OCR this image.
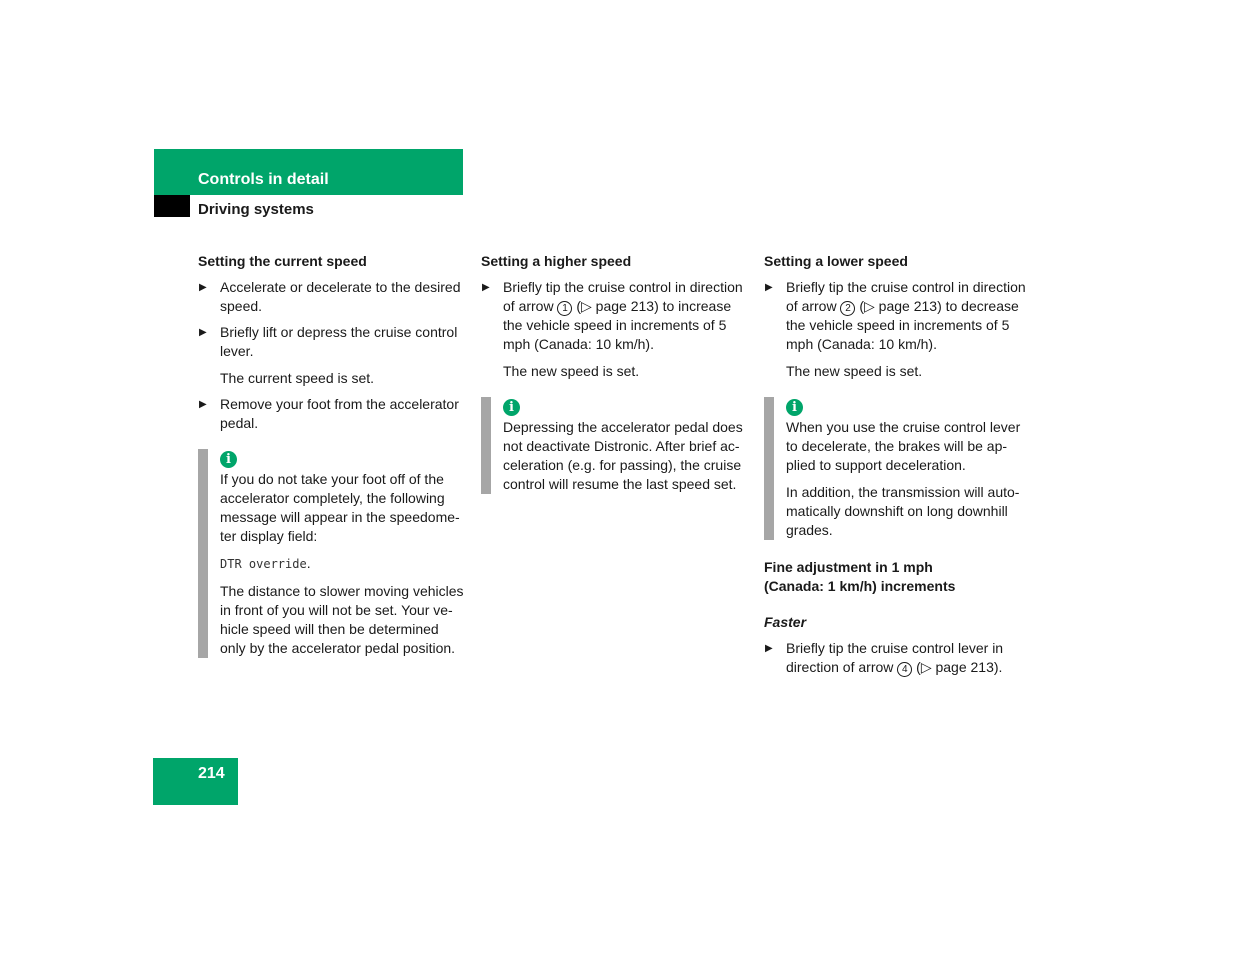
Controls in detail
Driving systems
Setting the current speed
▶ Accelerate or decelerate to the desired speed.
▶ Briefly lift or depress the cruise control lever.
The current speed is set.
▶ Remove your foot from the accelerator pedal.
i

If you do not take your foot off of the accelerator completely, the following message will appear in the speedome-ter display field:

DTR override.

The distance to slower moving vehicles in front of you will not be set. Your ve-hicle speed will then be determined only by the accelerator pedal position.

Setting a higher speed
▶ Briefly tip the cruise control in direction of arrow 1 (▷ page 213) to increase the vehicle speed in increments of 5 mph (Canada: 10 km/h).
The new speed is set.
i

Depressing the accelerator pedal does not deactivate Distronic. After brief ac-celeration (e.g. for passing), the cruise control will resume the last speed set.

Setting a lower speed
▶ Briefly tip the cruise control in direction of arrow 2 (▷ page 213) to decrease the vehicle speed in increments of 5 mph (Canada: 10 km/h).
The new speed is set.
i

When you use the cruise control lever to decelerate, the brakes will be ap-plied to support deceleration.

In addition, the transmission will auto-matically downshift on long downhill grades.

Fine adjustment in 1 mph
(Canada: 1 km/h) increments
Faster
▶ Briefly tip the cruise control lever in direction of arrow 4 (▷ page 213).
214
